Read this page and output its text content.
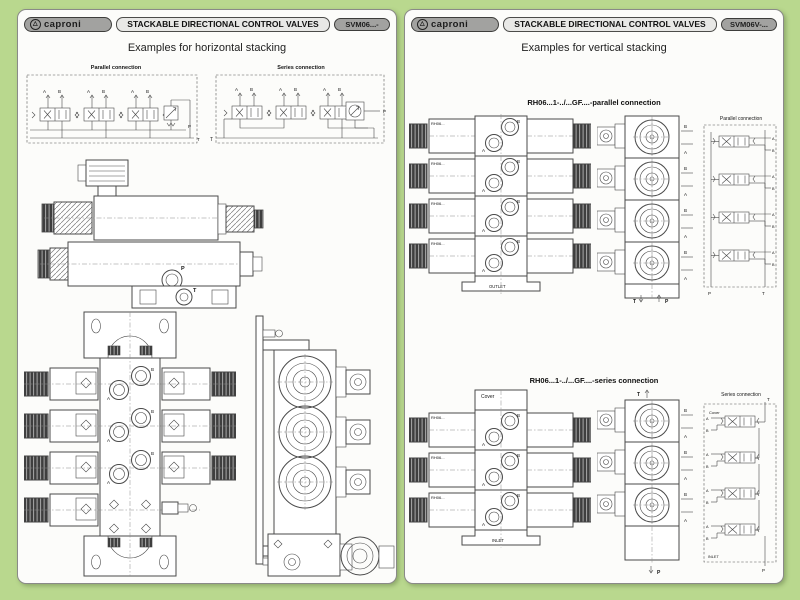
△ caproni	STACKABLE DIRECTIONAL CONTROL VALVES	SVM06...-
Examples for horizontal stacking
Parallel connection
P
T
Series connection
T
P
P
T
△ caproni	STACKABLE DIRECTIONAL CONTROL VALVES	SVM06V-...
Examples for vertical stacking
RH06...1-../...GF....-parallel connection
OUTLET
B
A
T	P
A
B
Parallel connection
P	T
RH06...1-../...GF....-series connection
RH06...	Cover
INLET
B
A
T
P
Series connection
T
Cover
INLET
P
